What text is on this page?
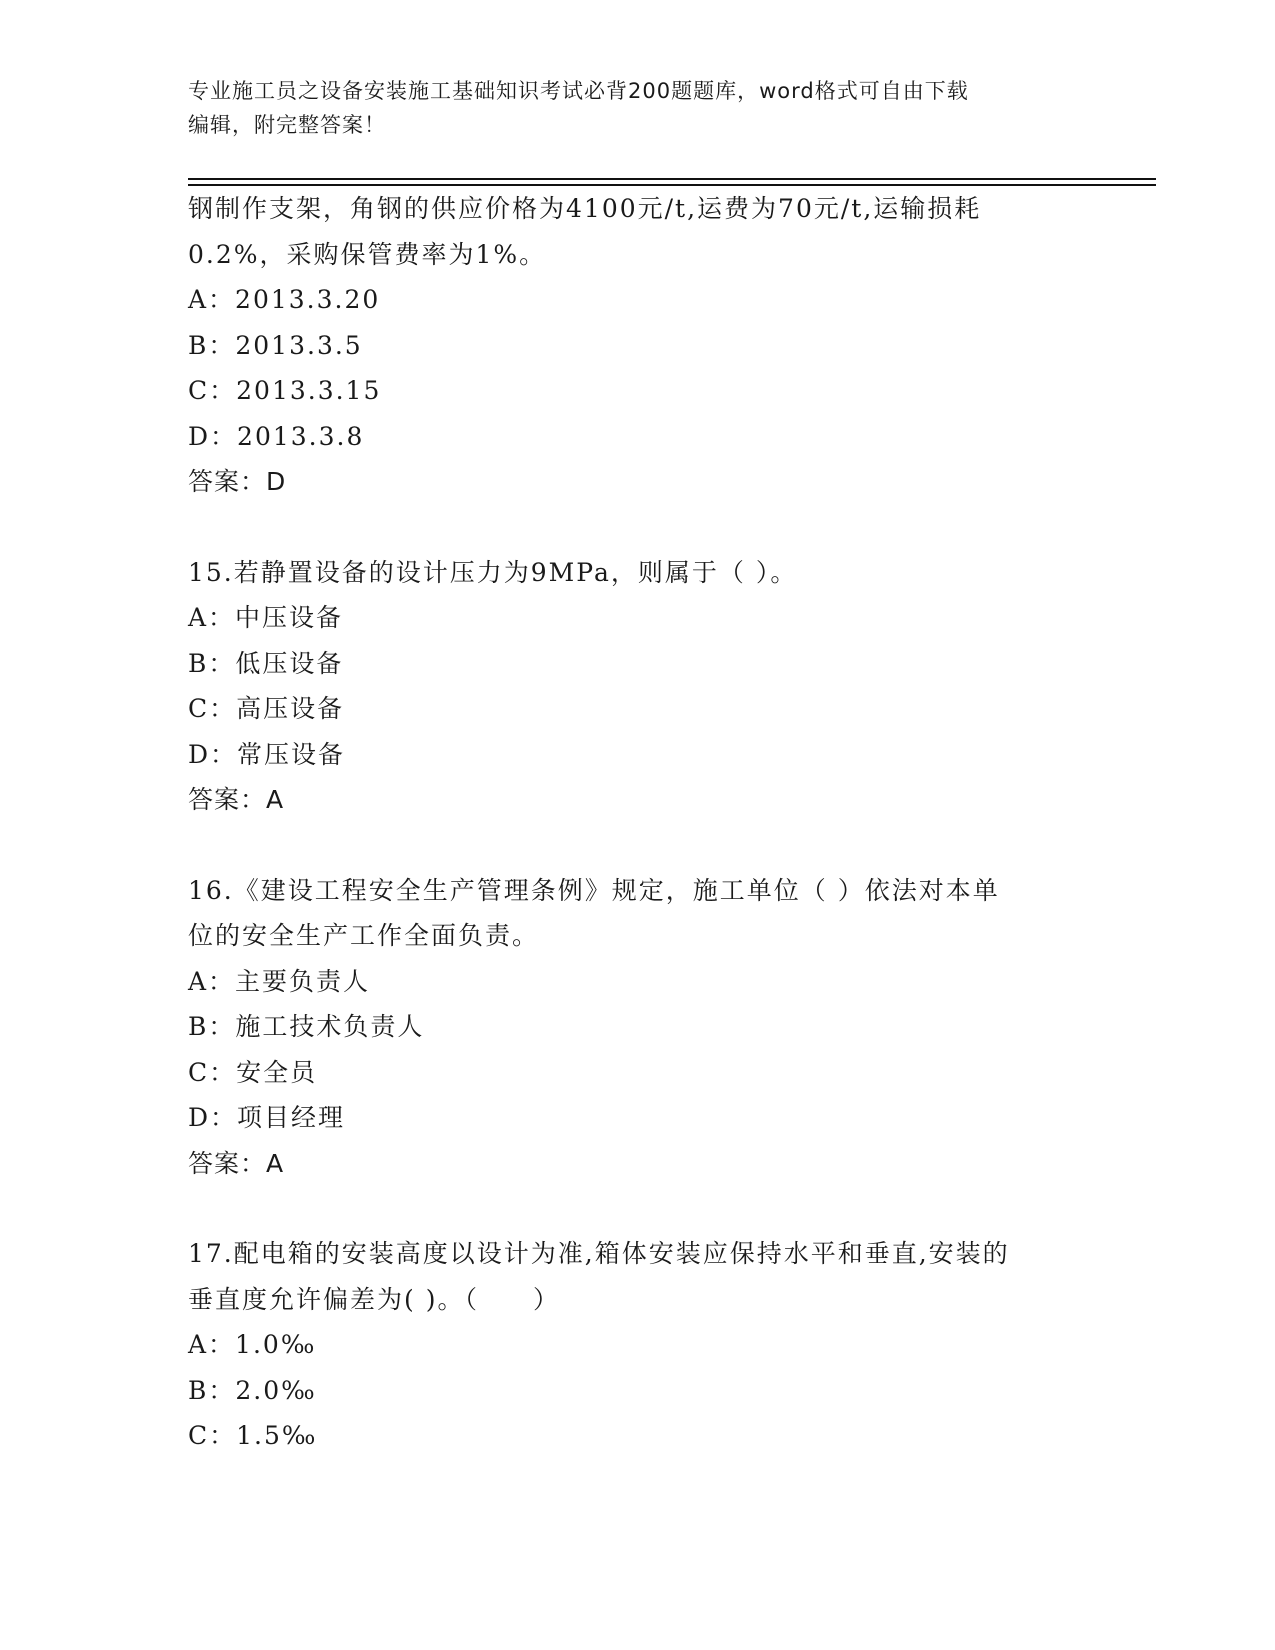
专业施工员之设备安装施工基础知识考试必背200题题库，word格式可自由下载
编辑，附完整答案！
钢制作支架，角钢的供应价格为4100元/t,运费为70元/t,运输损耗
0.2%，采购保管费率为1%。
A：2013.3.20
B：2013.3.5
C：2013.3.15
D：2013.3.8
答案：D
15.若静置设备的设计压力为9MPa，则属于（ ）。
A：中压设备
B：低压设备
C：高压设备
D：常压设备
答案：A
16.《建设工程安全生产管理条例》规定，施工单位（ ）依法对本单
位的安全生产工作全面负责。
A：主要负责人
B：施工技术负责人
C：安全员
D：项目经理
答案：A
17.配电箱的安装高度以设计为准,箱体安装应保持水平和垂直,安装的
垂直度允许偏差为( )。（　　）
A：1.0‰
B：2.0‰
C：1.5‰
